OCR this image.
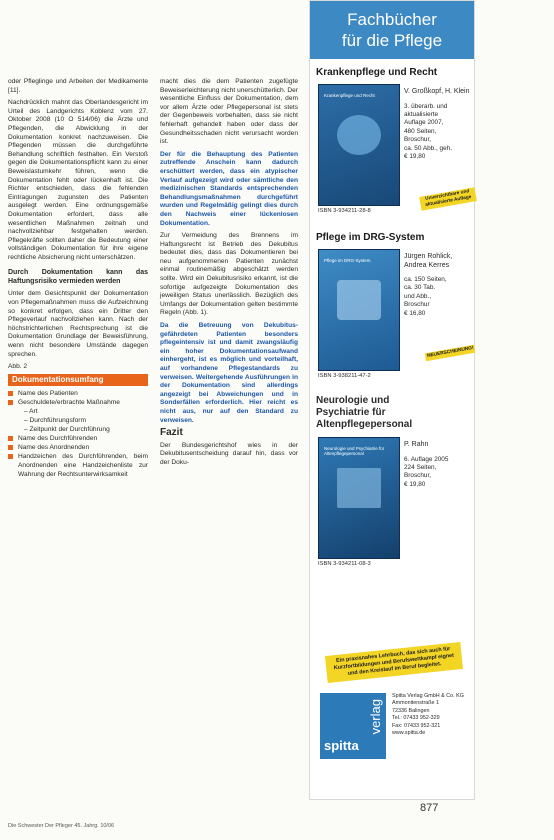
oder Pfleglinge und Arbeiten der Medikamente [11].

Nachdrücklich mahnt das Oberlandesgericht im Urteil des Landgerichts Koblenz vom 27. Oktober 2008 (10 O 514/06) die Ärzte und Pflegenden, die Abwicklung in der Dokumentation konkret nachzuweisen. Die Pflegenden müssen die durchgeführte Behandlung schriftlich festhalten. Ein Verstoß gegen die Dokumentationspflicht kann zu einer Beweislastumkehr führen, wenn die Dokumentation fehlt oder lückenhaft ist. Die Richter entschieden, dass die fehlenden Eintragungen zugunsten des Patienten ausgelegt werden. Eine ordnungsgemäße Dokumentation erfordert, dass alle wesentlichen Maßnahmen zeitnah und nachvollziehbar festgehalten werden. Pflegekräfte sollten daher die Bedeutung einer vollständigen Dokumentation für ihre eigene rechtliche Absicherung nicht unterschätzen.

Durch Dokumentation kann das Haftungsrisiko vermieden werden

Unter dem Gesichtspunkt der Dokumentation von Pflegemaßnahmen muss die Aufzeichnung so konkret erfolgen, dass ein Dritter den Pflegeverlauf nachvollziehen kann. Nach der höchstrichterlichen Rechtsprechung ist die Dokumentation Grundlage der Beweisführung, wenn nicht besondere Umstände dagegen sprechen.

Abb. 2
Dokumentationsumfang
Name des Patienten
Geschuldete/erbrachte Maßnahme
– Art
– Durchführungsform
– Zeitpunkt der Durchführung
Name des Durchführenden
Name des Anordnenden
Handzeichen des Durchführenden, beim Anordnenden eine Handzeichenliste zur Wahrung der Rechtsunterwirksamkeit

macht dies die dem Patienten zugefügte Beweiserleichterung nicht unerschütterlich. Der wesentliche Einfluss der Dokumentation, dem vor allem Ärzte oder Pflegepersonal ist stets der Gegenbeweis vorbehalten, dass sie nicht fehlerhaft gehandelt haben oder dass der Gesundheitsschaden nicht verursacht worden ist.

Der für die Behauptung des Patienten zutreffende Anschein kann dadurch erschüttert werden, dass ein atypischer Verlauf aufgezeigt wird oder sämtliche den medizinischen Standards entsprechenden Behandlungsmaßnahmen durchgeführt wurden und Regelmäßig gelingt dies durch den Nachweis einer lückenlosen Dokumentation.

Zur Vermeidung des Brennens im Haftungsrecht ist Betrieb des Dekubitus bedeutet dies, dass das Dokumentieren bei neu aufgenommenen Patienten zunächst einmal routinemäßig abgeschätzt werden sollte. Wird ein Dekubitusrisiko erkannt, ist die sofortige aufgezeigte Dokumentation des jeweiligen Status unerlässlich. Bezüglich des Umfangs der Dokumentation gelten bestimmte Regeln (Abb. 1).

Da die Betreuung von Dekubitus-gefährdeten Patienten besonders pflegeintensiv ist und damit zwangsläufig ein hoher Dokumentationsaufwand einhergeht, ist es möglich und vorteilhaft, auf vorhandene Pflegestandards zu verweisen. Weitergehende Ausführungen in der Dokumentation sind allerdings angezeigt bei Abweichungen und in Sonderfällen erforderlich. Hier reicht es nicht aus, nur auf den Standard zu verweisen.

Fazit

Der Bundesgerichtshof wies in der Dekubitusentscheidung darauf hin, dass vor der Doku-

Fachbücher
für die Pflege
Krankenpflege und Recht
Krankenpflege und Recht
V. Großkopf, H. Klein
3. überarb. und aktualisierte
Auflage 2007,
480 Seiten,
Broschur,
ca. 50 Abb., geh.
€ 19,80
Unverzichtbare und aktualisierte Auflage
ISBN 3-934211-28-8
Pflege im DRG-System
Pflege im DRG-System
Jürgen Rohlick, Andrea Kerres
ca. 150 Seiten,
ca. 30 Tab.
und Abb.,
Broschur
€ 16,80
NEUERSCHEINUNG!
ISBN 3-938211-47-2
Neurologie und
Psychiatrie für
Altenpflegepersonal
Neurologie und Psychiatrie für Altenpflegepersonal
P. Rahn
6. Auflage 2005
224 Seiten,
Broschur,
€ 19,80
ISBN 3-934211-08-3
Ein praxisnahes Lehrbuch, das sich auch für Kurzfortbildungen und Berufswettkampf eignet und den Kreislauf im Beruf begleitet.
verlag
spitta
Spitta Verlag GmbH & Co. KG
Ammonitenstraße 1
72336 Balingen
Tel.: 07433 952-329
Fax: 07433 952-321
www.spitta.de
Die Schwester Der Pfleger 45. Jahrg. 10/06
877
